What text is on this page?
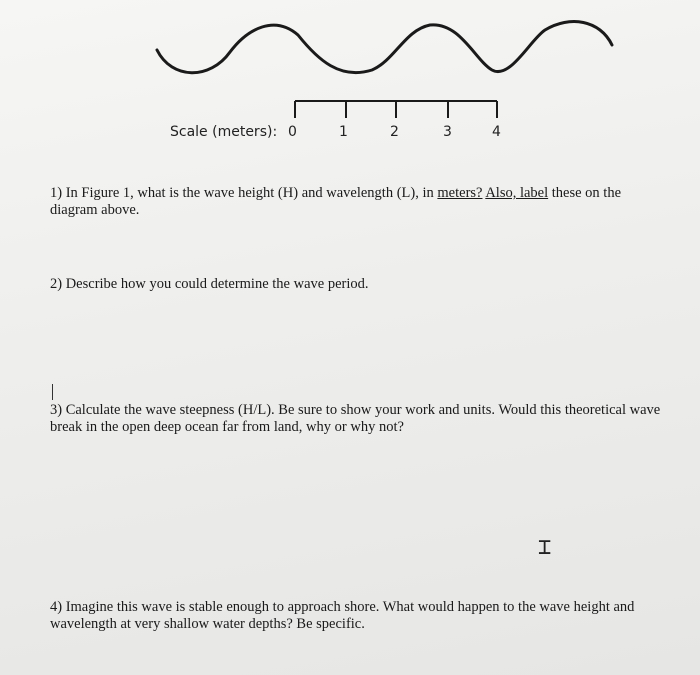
Scale (meters): 0	1	2	3	4
1) In Figure 1, what is the wave height (H) and wavelength (L), in meters? Also, label these on the
diagram above.
2) Describe how you could determine the wave period.
3) Calculate the wave steepness (H/L). Be sure to show your work and units. Would this theoretical wave
break in the open deep ocean far from land, why or why not?
⌶
4) Imagine this wave is stable enough to approach shore. What would happen to the wave height and
wavelength at very shallow water depths? Be specific.
